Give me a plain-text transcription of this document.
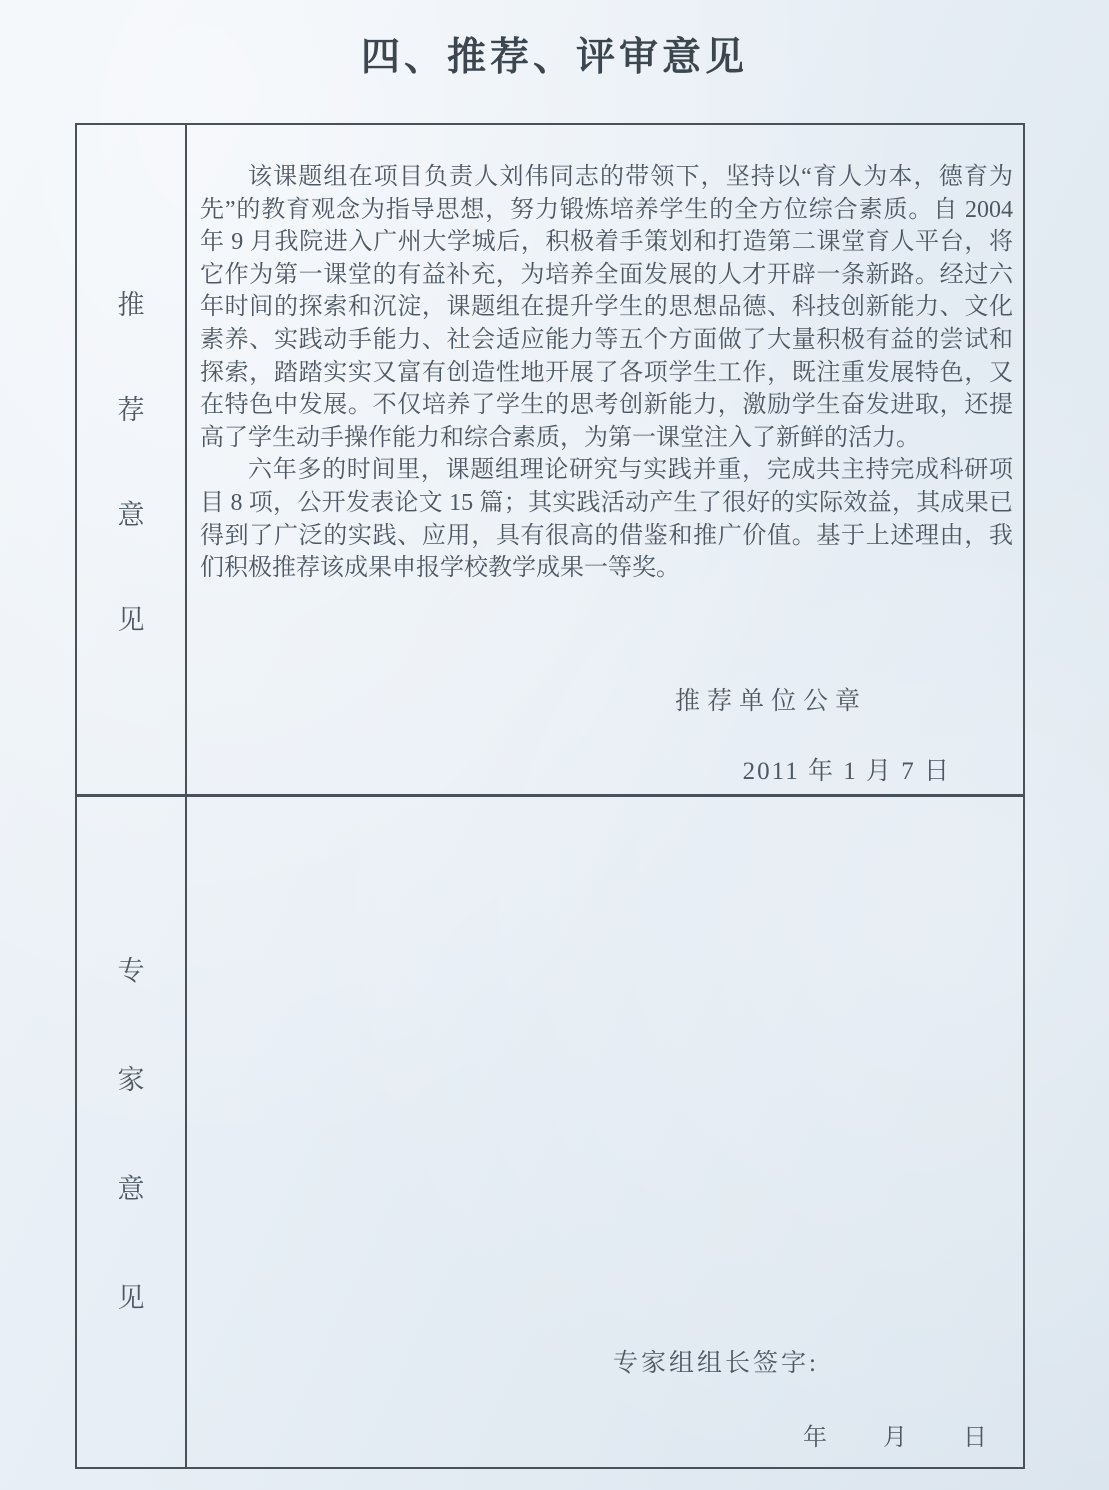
四、推荐、评审意见
推
荐
意
见

该课题组在项目负责人刘伟同志的带领下，坚持以“育人为本，德育为先”的教育观念为指导思想，努力锻炼培养学生的全方位综合素质。自 2004 年 9 月我院进入广州大学城后，积极着手策划和打造第二课堂育人平台，将它作为第一课堂的有益补充，为培养全面发展的人才开辟一条新路。经过六年时间的探索和沉淀，课题组在提升学生的思想品德、科技创新能力、文化素养、实践动手能力、社会适应能力等五个方面做了大量积极有益的尝试和探索，踏踏实实又富有创造性地开展了各项学生工作，既注重发展特色，又在特色中发展。不仅培养了学生的思考创新能力，激励学生奋发进取，还提高了学生动手操作能力和综合素质，为第一课堂注入了新鲜的活力。

六年多的时间里，课题组理论研究与实践并重，完成共主持完成科研项目 8 项，公开发表论文 15 篇；其实践活动产生了很好的实际效益，其成果已得到了广泛的实践、应用，具有很高的借鉴和推广价值。基于上述理由，我们积极推荐该成果申报学校教学成果一等奖。

推荐单位公章
2011 年 1 月 7 日
专
家
意
见
专家组组长签字:
年 月 日
